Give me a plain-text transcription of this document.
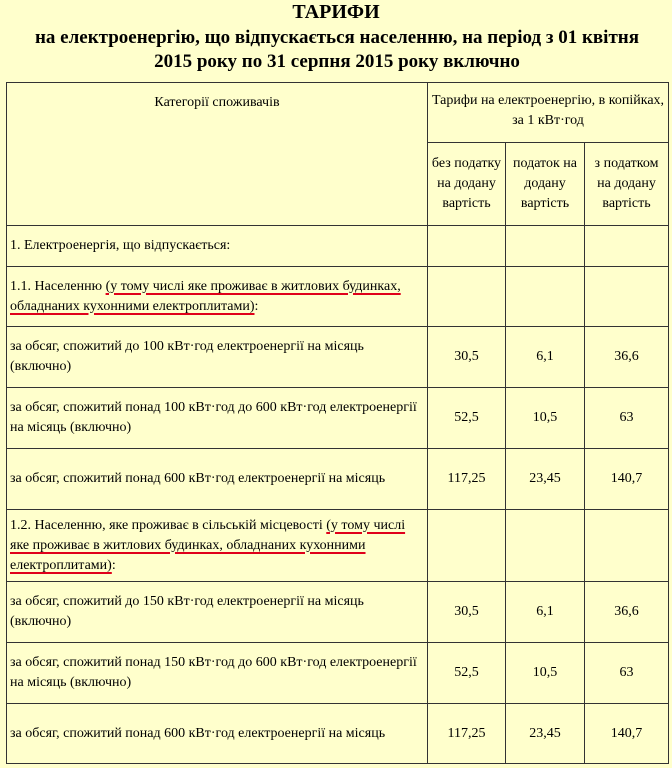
ТАРИФИ
на електроенергію, що відпускається населенню, на період з 01 квітня 2015 року по 31 серпня 2015 року включно
Категорії споживачів	Тарифи на електроенергію, в копійках, за 1 кВт·год		
	без податку на додану вартість	податок на додану вартість	з податком на додану вартість
1. Електроенергія, що відпускається:			
1.1. Населенню (у тому числі яке проживає в житлових будинках, обладнаних кухонними електроплитами):			
за обсяг, спожитий до 100 кВт·год електроенергії на місяць (включно)	30,5	6,1	36,6
за обсяг, спожитий понад 100 кВт·год до 600 кВт·год електроенергії на місяць (включно)	52,5	10,5	63
за обсяг, спожитий понад 600 кВт·год електроенергії на місяць	117,25	23,45	140,7
1.2. Населенню, яке проживає в сільській місцевості (у тому числі яке проживає в житлових будинках, обладнаних кухонними електроплитами):			
за обсяг, спожитий до 150 кВт·год електроенергії на місяць (включно)	30,5	6,1	36,6
за обсяг, спожитий понад 150 кВт·год до 600 кВт·год електроенергії на місяць (включно)	52,5	10,5	63
за обсяг, спожитий понад 600 кВт·год електроенергії на місяць	117,25	23,45	140,7
